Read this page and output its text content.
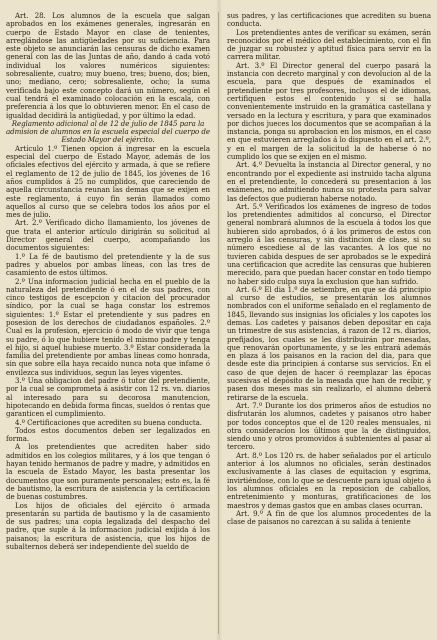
Art. 28. Los alumnos de la escuela que salgan aprobados en los exámenes generales, ingresarán en cuerpo de Estado Mayor en clase de tenientes, arreglándose las antigüedades por su suficiencia. Para este objeto se anunciarán las censuras de dicho examen general con las de las Juntas de año, dando á cada votó individual los valores numéricos siguientes: sobresaliente, cuatro; muy bueno, tres; bueno, dos; bien, uno; mediano, cero; sobresaliente, ocho; la suma verificada bajo este concepto dará un número, según el cual tendrá el examinado colocación en la escala, con preferencia á los que lo obtuvieren menor. En el caso de igualdad decidirá la antigüedad, y por último la edad.

Reglamento adicional al de 12 de julio de 1845 para la admision de alumnos en la escuela especial del cuerpo de Estado Mayor del ejército.

Artículo 1.º Tienen opcion á ingresar en la escuela especial del cuerpo de Estado Mayor, además de los oficiales efectivos del ejército y armada, á que se refiere el reglamento de 12 de julio de 1845, los jóvenes de 16 años cumplidos á 25 no cumplidos, que careciendo de aquella circunstancia reunan las demas que se exijen en este reglamento, á cuyo fin serán llamados como aquellos al curso que se celebra todos los años por el mes de julio.

Art. 2.º Verificado dicho llamamiento, los jóvenes de que trata el anterior artículo dirigirán su solicitud al Director general del cuerpo, acompañando los documentos siguientes:

1.º La fé de bautismo del pretendiente y la de sus padres y abuelos por ambas líneas, con las tres de casamiento de estos últimos.

2.º Una informacion judicial hecha en el pueblo de la naturaleza del pretendiente ó en el de sus padres, con cinco testigos de escepcion y citacion del procurador síndico, por la cual se haga constar los estremos siguientes: 1.º Estar el pretendiente y sus padres en posesion de los derechos de ciudadanos españoles. 2.º Cual es la profesion, ejercicio ó modo de vivir que tenga su padre, ó lo que hubiere tenido el mismo padre y tenga el hijo, si aquel hubiese muerto. 3.º Estar considerada la familia del pretendiente por ambas líneas como honrada, sin que sobre ella haya recaido nunca nota que infame ó envilezca sus individuos, segun las leyes vigentes.

3.º Una obligacion del padre ó tutor del pretendiente, por la cual se comprometa á asistir con 12 rs. vn. diarios al interesado para su decorosa manutencion, hipotecando en debida forma fincas, sueldos ó rentas que garanticen el cumplimiento.

4.º Certificaciones que acrediten su buena conducta.

Todos estos documentos deben ser legalizados en forma.

A los pretendientes que acrediten haber sido admitidos en los colegios militares, y á los que tengan ó hayan tenido hermanos de padre y madre, y admitidos en la escuela de Estado Mayor, les basta presentar los documentos que son puramente personales; esto es, la fé de bautismo, la escritura de asistencia y la certificacion de buenas costumbres.

Los hijos de oficiales del ejército ó armada presentarán su partida de bautismo y la de casamiento de sus padres; una copia legalizada del despacho del padre, que suple á la informacion judicial exijida á los paisanos; la escritura de asistencia, que los hijos de subalternos deberá ser independiente del sueldo de

sus padres, y las certificaciones que acrediten su buena conducta.

Los pretendientes antes de verificar su exámen, serán reconocidos por el médico del establecimiento, con el fin de juzgar su robustez y aptitud física para servir en la carrera militar.

Art. 3.º El Director general del cuerpo pasará la instancia con decreto marginal y con devolucion al de la escuela, para que después de examinados el pretendiente por tres profesores, inclusos el de idiomas, certifiquen estos el contenido y si se halla convenientemente instruido en la gramática castellana y versado en la lectura y escritura, y para que examinados por dichos jueces los documentos que se acompañan á la instancia, ponga su aprobacion en los mismos, en el caso en que estuvieren arreglados á lo dispuesto en el art. 2.º, y en el margen de la solicitud la de haberse ó no cumplido los que se exijen en el mismo.

Art. 4.º Devuelta la instancia al Director general, y no encontrando por el expediente asi instruido tacha alguna en el pretendiente, lo concederá su presentacion á los exámenes, no admitiendo nunca su protesta para salvar las defectos que pudieran haberse notado.

Art. 5.º Verificados los exámenes de ingreso de todos los pretendientes admitidos al concurso, el Director general nombrará alumnos de la escuela á todos los que hubieren sido aprobados, ó á los primeros de estos con arreglo á las censuras, y sin distincion de clase, si su número escediese al de las vacantes. A los que no tuvieren cabida despues de ser aprobados se le expedirá una certificacion que acredite las censuras que hubieren merecido, para que puedan hacer constar en todo tiempo no haber sido culpa suya la exclusion que han sufrido.

Art. 6.º El dia 1.º de setiembre, en que se dá principio al curso de estudios, se presentarán los alumnos nombrados con el uniforme señalado en el reglamento de 1845, llevando sus insignias los oficiales y los capotes los demas. Los cadetes y paisanos deben depositar en caja un trimestre de sus asistencias, á razon de 12 rs. diarios, prefijados, los cuales se les distribuirán por mesadas, que renovarán oportunamente, y se les entrará además en plaza á los paisanos en la racion del dia, para que desde este dia principien á contarse sus servicios. En el caso de que dejen de hacer ó reemplazar las épocas sucesivas el depósito de la mesada que han de recibir, y pasen dos meses mas sin realizarlo, el alumno deberá retirarse de la escuela.

Art. 7.º Durante los dos primeros años de estudios no disfrutarán los alumnos, cadetes y paisanos otro haber por todos conceptos que el de 120 reales mensuales, ni otra consideracion los últimos que la de distinguidos, siendo uno y otros promovidos á subtenientes al pasar al tercero.

Art. 8.º Los 120 rs. de haber señalados por el artículo anterior á los alumnos no oficiales, serán destinados exclusivamente á las clases de equitacion y esgrima, invirtiéndose, con lo que se descuente para igual objeto á los alumnos oficiales en la reposicion de caballos, entretenimiento y monturas, gratificaciones de los maestros y demas gastos que en ambas clases ocurran.

Art. 9.º A fin de que los alumnos procedentes de la clase de paisanos no carezcan á su salida á teniente
